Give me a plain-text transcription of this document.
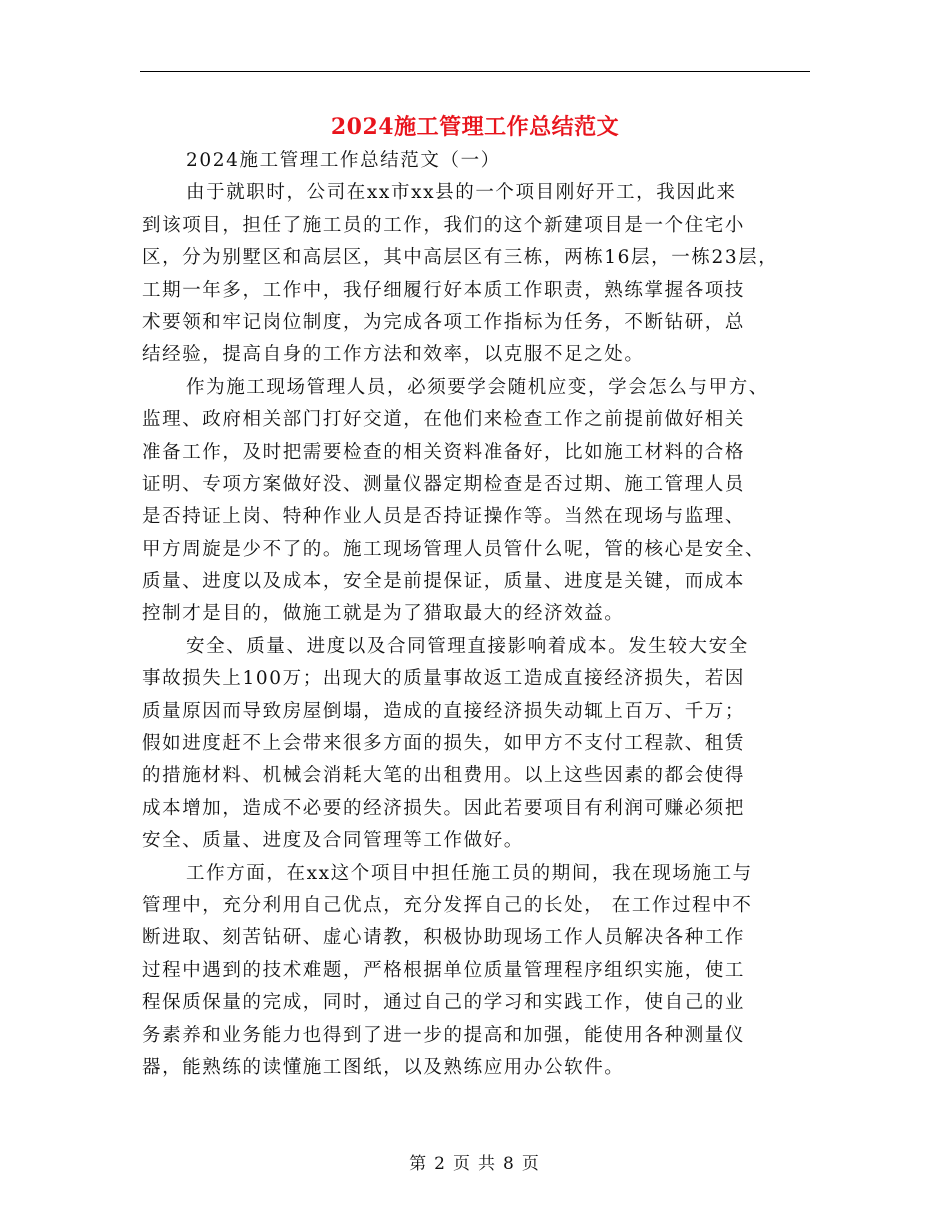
2024施工管理工作总结范文
2024施工管理工作总结范文（一）
由于就职时，公司在xx市xx县的一个项目刚好开工，我因此来
到该项目，担任了施工员的工作，我们的这个新建项目是一个住宅小
区，分为别墅区和高层区，其中高层区有三栋，两栋16层，一栋23层，
工期一年多，工作中，我仔细履行好本质工作职责，熟练掌握各项技
术要领和牢记岗位制度，为完成各项工作指标为任务，不断钻研，总
结经验，提高自身的工作方法和效率，以克服不足之处。
作为施工现场管理人员，必须要学会随机应变，学会怎么与甲方、
监理、政府相关部门打好交道，在他们来检查工作之前提前做好相关
准备工作，及时把需要检查的相关资料准备好，比如施工材料的合格
证明、专项方案做好没、测量仪器定期检查是否过期、施工管理人员
是否持证上岗、特种作业人员是否持证操作等。当然在现场与监理、
甲方周旋是少不了的。施工现场管理人员管什么呢，管的核心是安全、
质量、进度以及成本，安全是前提保证，质量、进度是关键，而成本
控制才是目的，做施工就是为了猎取最大的经济效益。
安全、质量、进度以及合同管理直接影响着成本。发生较大安全
事故损失上100万；出现大的质量事故返工造成直接经济损失，若因
质量原因而导致房屋倒塌，造成的直接经济损失动辄上百万、千万；
假如进度赶不上会带来很多方面的损失，如甲方不支付工程款、租赁
的措施材料、机械会消耗大笔的出租费用。以上这些因素的都会使得
成本增加，造成不必要的经济损失。因此若要项目有利润可赚必须把
安全、质量、进度及合同管理等工作做好。
工作方面，在xx这个项目中担任施工员的期间，我在现场施工与
管理中，充分利用自己优点，充分发挥自己的长处， 在工作过程中不
断进取、刻苦钻研、虚心请教，积极协助现场工作人员解决各种工作
过程中遇到的技术难题，严格根据单位质量管理程序组织实施，使工
程保质保量的完成，同时，通过自己的学习和实践工作，使自己的业
务素养和业务能力也得到了进一步的提高和加强，能使用各种测量仪
器，能熟练的读懂施工图纸，以及熟练应用办公软件。
第 2 页 共 8 页
